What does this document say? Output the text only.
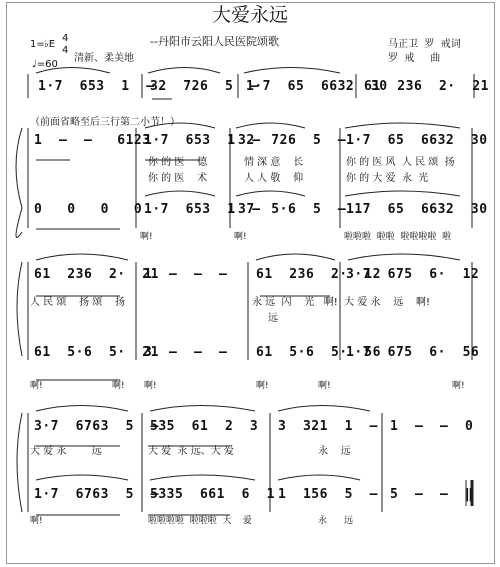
大爱永远
--丹阳市云阳人民医院颂歌
1= ♭E
4
4
清新、柔美地
♩=60
马正卫  罗  戒词
罗  戒     曲
1·7  653  1  –
32  726  5  –
1·7  65  6632  30
61  236  2·  21
（前面省略至后三行第二小节！）
1  –  –   6123
1·7  653  1  –
32  726  5  – 1·7  65  6632  30
你 的 医    德	情 深 意    长	你 的 医 风  人 民 颂  扬
你 的 医    术	人 人 敬    仰	你 的 大 爱  永  光
0   0   0   0 1·7  653  1  –
37  5·6  5  – 117  65  6632  30
啊!	啊!	啦啦啦  啦啦  啦啦啦啦  啦
61  236  2·  21
1  –  –  – 61  236  2·  12
3·7  675  6·  12
人 民 颂    扬 颂    扬	永 远  闪    光   啊!  大 爱 永    远    啊!
远
61  5·6  5·  21
3  –  –  – 61  5·6  5·  56
1·7  675  6·  56
啊!	啊! 啊!	啊!	啊!	啊!
3·7  6763  5  –
535  61  2  3 3  321  1  – 1  –  –  0
大 爱 永        远	大 爱  永 远、大 爱	永    远
1·7  6763  5  –
5335  661  6  1 1  156  5  – 5  –  –  ‖
啊!	啦啦啦啦  啦啦啦  大    爱	永      远
